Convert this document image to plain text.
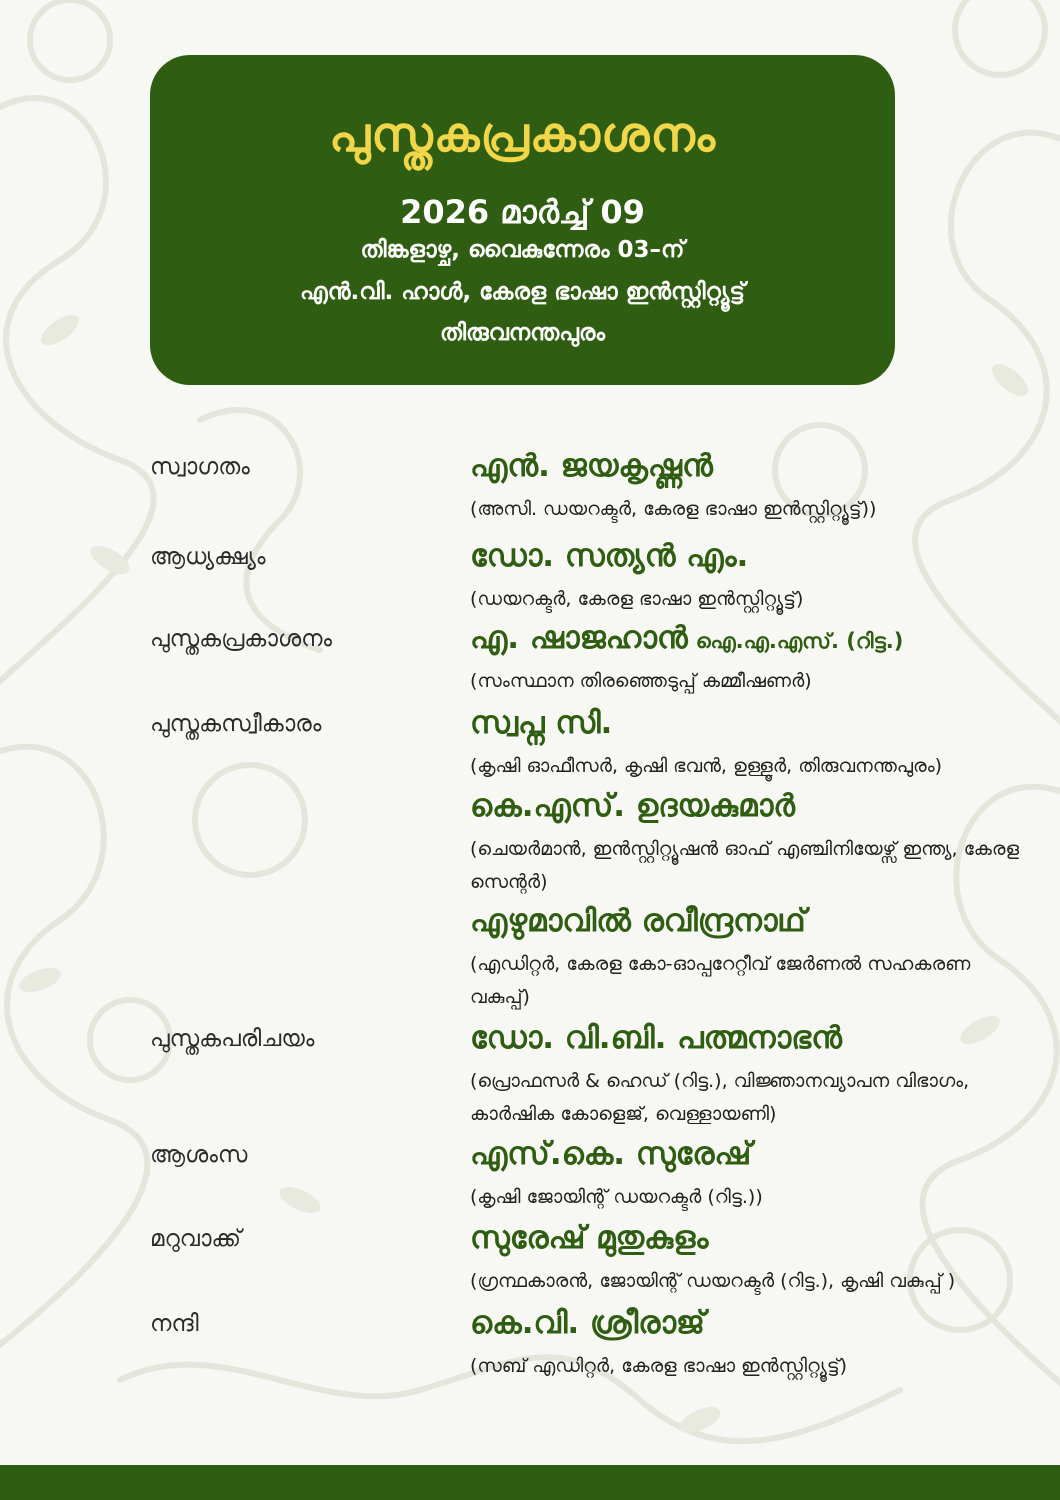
പുസ്തകപ്രകാശനം
2026 മാർച്ച് 09
തിങ്കളാഴ്ച, വൈകുന്നേരം 03–ന്
എൻ.വി. ഹാൾ, കേരള ഭാഷാ ഇൻസ്റ്റിറ്റ്യൂട്ട്
തിരുവനന്തപുരം
സ്വാഗതം	എൻ. ജയകൃഷ്ണൻ
(അസി. ഡയറക്ടർ, കേരള ഭാഷാ ഇൻസ്റ്റിറ്റ്യൂട്ട്))
ആധ്യക്ഷ്യം	ഡോ. സത്യൻ എം.
(ഡയറക്ടർ, കേരള ഭാഷാ ഇൻസ്റ്റിറ്റ്യൂട്ട്)
പുസ്തകപ്രകാശനം	എ. ഷാജഹാൻ ഐ.എ.എസ്. (റിട്ട.)
(സംസ്ഥാന തിരഞ്ഞെടുപ്പ് കമ്മീഷണർ)
പുസ്തകസ്വീകാരം	സ്വപ്ന സി.
(കൃഷി ഓഫീസർ, കൃഷി ഭവൻ, ഉള്ളൂർ, തിരുവനന്തപുരം)
കെ.എസ്. ഉദയകുമാർ
(ചെയർമാൻ, ഇൻസ്റ്റിറ്റ്യൂഷൻ ഓഫ് എഞ്ചിനിയേഴ്സ് ഇന്ത്യ, കേരള സെന്റർ)
എഴുമാവിൽ രവീന്ദ്രനാഥ്
(എഡിറ്റർ, കേരള കോ-ഓപ്പറേറ്റീവ് ജേർണൽ സഹകരണ വകുപ്പ്)
പുസ്തകപരിചയം	ഡോ. വി.ബി. പത്മനാഭൻ
(പ്രൊഫസർ & ഹെഡ് (റിട്ട.), വിജ്ഞാനവ്യാപന വിഭാഗം, കാർഷിക കോളെജ്, വെള്ളായണി)
ആശംസ	എസ്.കെ. സുരേഷ്
(കൃഷി ജോയിന്റ് ഡയറക്ടർ (റിട്ട.))
മറുവാക്ക്	സുരേഷ് മുതുകുളം
(ഗ്രന്ഥകാരൻ, ജോയിന്റ് ഡയറക്ടർ (റിട്ട.), കൃഷി വകുപ്പ് )
നന്ദി	കെ.വി. ശ്രീരാജ്
(സബ് എഡിറ്റർ, കേരള ഭാഷാ ഇൻസ്റ്റിറ്റ്യൂട്ട്)
